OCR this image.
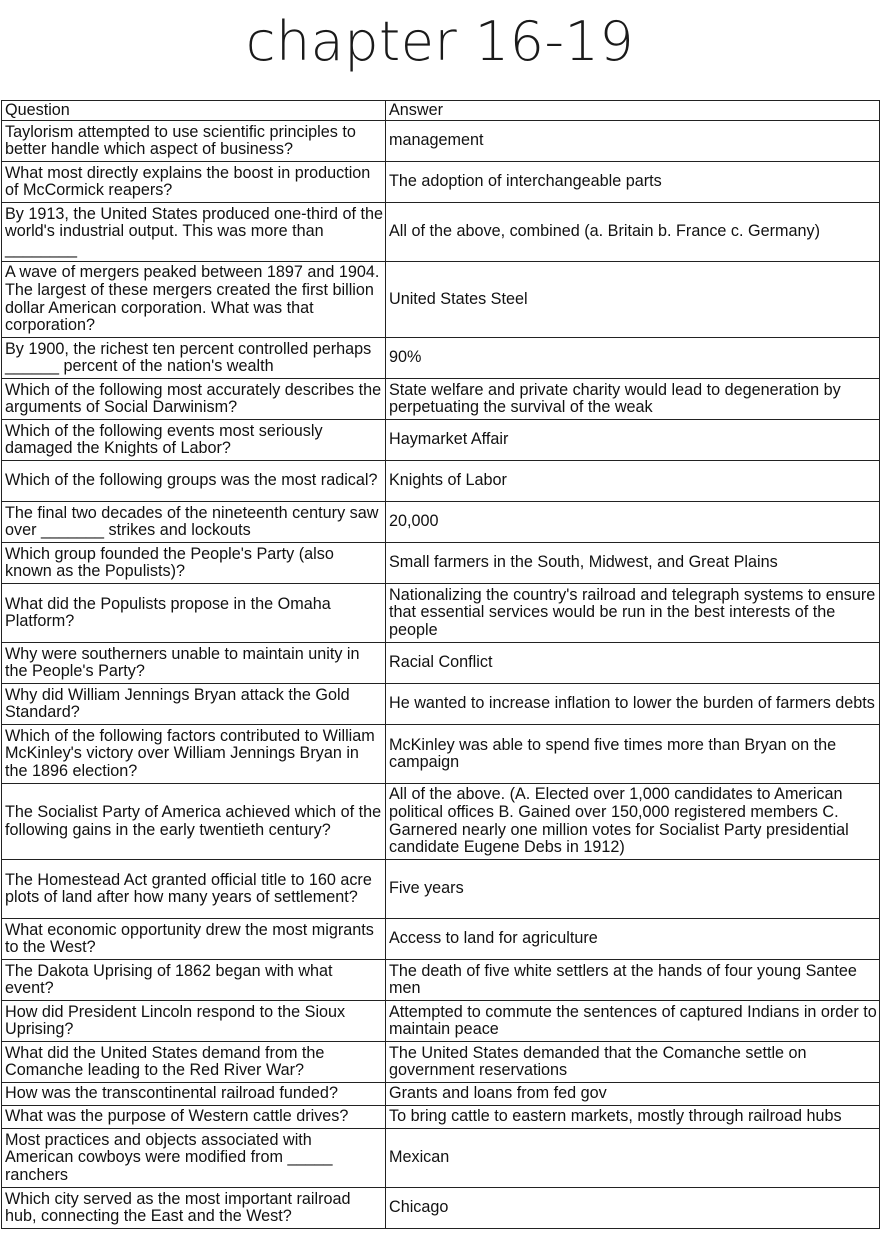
chapter 16-19
Question	Answer
Taylorism attempted to use scientific principles to better handle which aspect of business?	management
What most directly explains the boost in production of McCormick reapers?	The adoption of interchangeable parts
By 1913, the United States produced one-third of the world's industrial output. This was more than ________	All of the above, combined (a. Britain b. France c. Germany)
A wave of mergers peaked between 1897 and 1904. The largest of these mergers created the first billion dollar American corporation. What was that corporation?	United States Steel
By 1900, the richest ten percent controlled perhaps ______ percent of the nation's wealth	90%
Which of the following most accurately describes the arguments of Social Darwinism?	State welfare and private charity would lead to degeneration by perpetuating the survival of the weak
Which of the following events most seriously damaged the Knights of Labor?	Haymarket Affair
Which of the following groups was the most radical?	Knights of Labor
The final two decades of the nineteenth century saw over _______ strikes and lockouts	20,000
Which group founded the People's Party (also known as the Populists)?	Small farmers in the South, Midwest, and Great Plains
What did the Populists propose in the Omaha Platform?	Nationalizing the country's railroad and telegraph systems to ensure that essential services would be run in the best interests of the people
Why were southerners unable to maintain unity in the People's Party?	Racial Conflict
Why did William Jennings Bryan attack the Gold Standard?	He wanted to increase inflation to lower the burden of farmers debts
Which of the following factors contributed to William McKinley's victory over William Jennings Bryan in the 1896 election?	McKinley was able to spend five times more than Bryan on the campaign
The Socialist Party of America achieved which of the following gains in the early twentieth century?	All of the above. (A. Elected over 1,000 candidates to American political offices B. Gained over 150,000 registered members C. Garnered nearly one million votes for Socialist Party presidential candidate Eugene Debs in 1912)
The Homestead Act granted official title to 160 acre plots of land after how many years of settlement?	Five years
What economic opportunity drew the most migrants to the West?	Access to land for agriculture
The Dakota Uprising of 1862 began with what event?	The death of five white settlers at the hands of four young Santee men
How did President Lincoln respond to the Sioux Uprising?	Attempted to commute the sentences of captured Indians in order to maintain peace
What did the United States demand from the Comanche leading to the Red River War?	The United States demanded that the Comanche settle on government reservations
How was the transcontinental railroad funded?	Grants and loans from fed gov
What was the purpose of Western cattle drives?	To bring cattle to eastern markets, mostly through railroad hubs
Most practices and objects associated with American cowboys were modified from _____ ranchers	Mexican
Which city served as the most important railroad hub, connecting the East and the West?	Chicago
